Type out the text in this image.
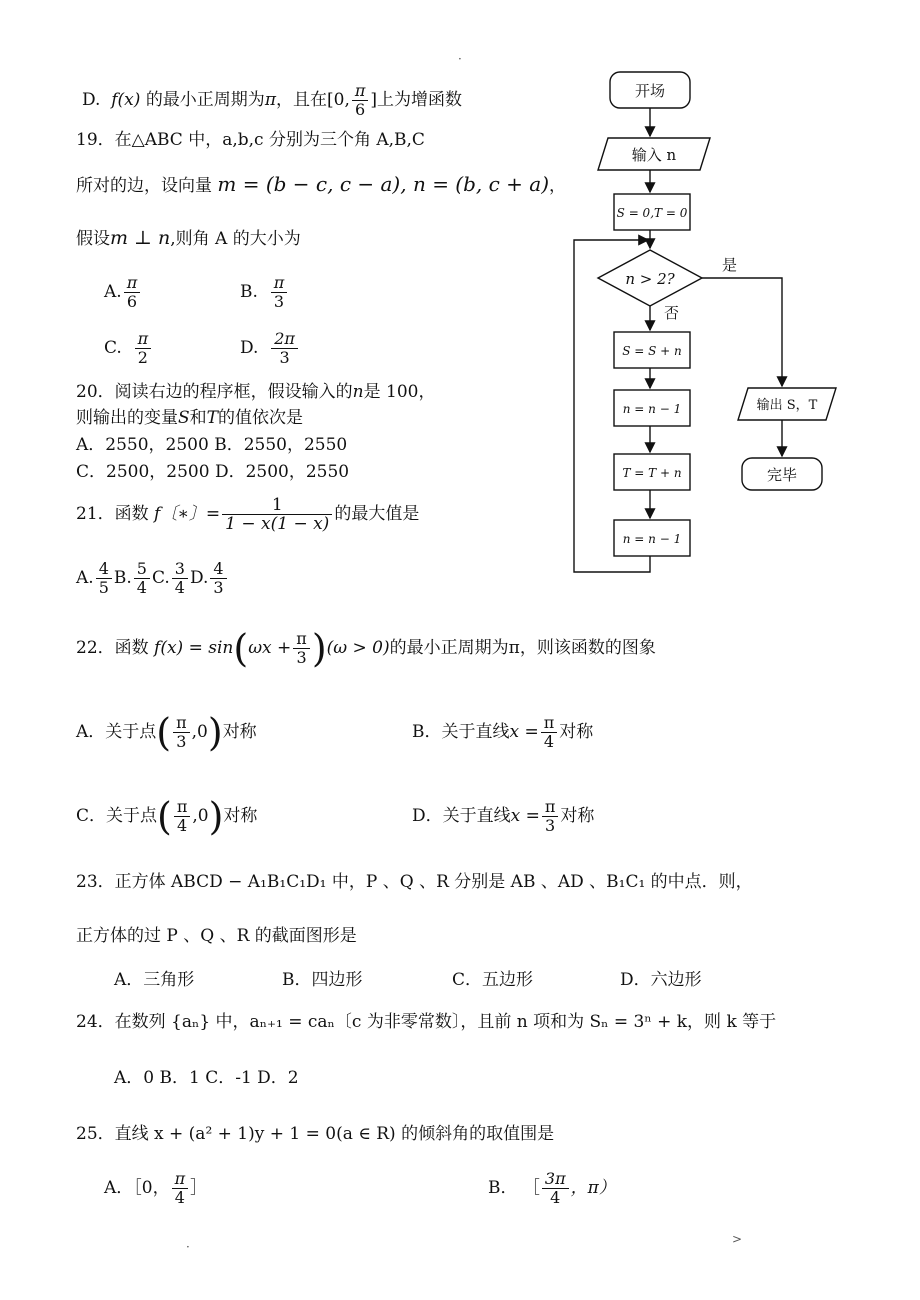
·
D. f(x) 的最小正周期为π，且在[0, $\frac{\pi}{6}$ ]上为增函数
19．在△ABC 中，a,b,c 分别为三个角 A,B,C
所对的边，设向量 m = (b − c, c − a), n = (b, c + a)，
假设m ⊥ n,则角 A 的大小为
A. $\frac{\pi}{6}$	B. $\frac{\pi}{3}$
C. $\frac{\pi}{2}$	D. $\frac{2\pi}{3}$
20．阅读右边的程序框，假设输入的n是 100，
则输出的变量S和T的值依次是
A．2550，2500 B．2550，2550
C．2500，2500 D．2500，2550
21．函数 f〔∗〕= $\frac{1}{1 - x(1 - x)}$ 的最大值是
A. $\frac{4}{5} B$. $\frac{5}{4} C$. $\frac{3}{4} D$. $\frac{4}{3}$
22．函数 $f(x) = \sin(\omega x + \frac{\pi}{3} )(\omega > 0)$的最小正周期为π，则该函数的图象
A．关于点( $\frac{\pi}{3} ,0$)对称	B．关于直线$x = \frac{\pi}{4}$ 对称
C．关于点( $\frac{\pi}{4} ,0$)对称	D．关于直线$x = \frac{\pi}{3}$ 对称
23．正方体 ABCD − A₁B₁C₁D₁ 中，P 、Q 、R 分别是 AB 、AD 、B₁C₁ 的中点．则，
正方体的过 P 、Q 、R 的截面图形是
A．三角形	B．四边形	C．五边形	D．六边形
24．在数列 {aₙ} 中，aₙ₊₁ = caₙ〔c 为非零常数〕，且前 n 项和为 Sₙ = 3ⁿ + k，则 k 等于
A．0 B．1 C．-1 D．2
25．直线 x + (a² + 1)y + 1 = 0(a ∈ R) 的倾斜角的取值围是
A．［0， $\frac{\pi}{4}$ ］	B． ［ $\frac{3\pi}{4}$ ，π）
·
>
开场
输入 n
S = 0,T = 0
n > 2?
是
否
S = S + n
n = n − 1
T = T + n
n = n − 1
输出 S，T
完毕
